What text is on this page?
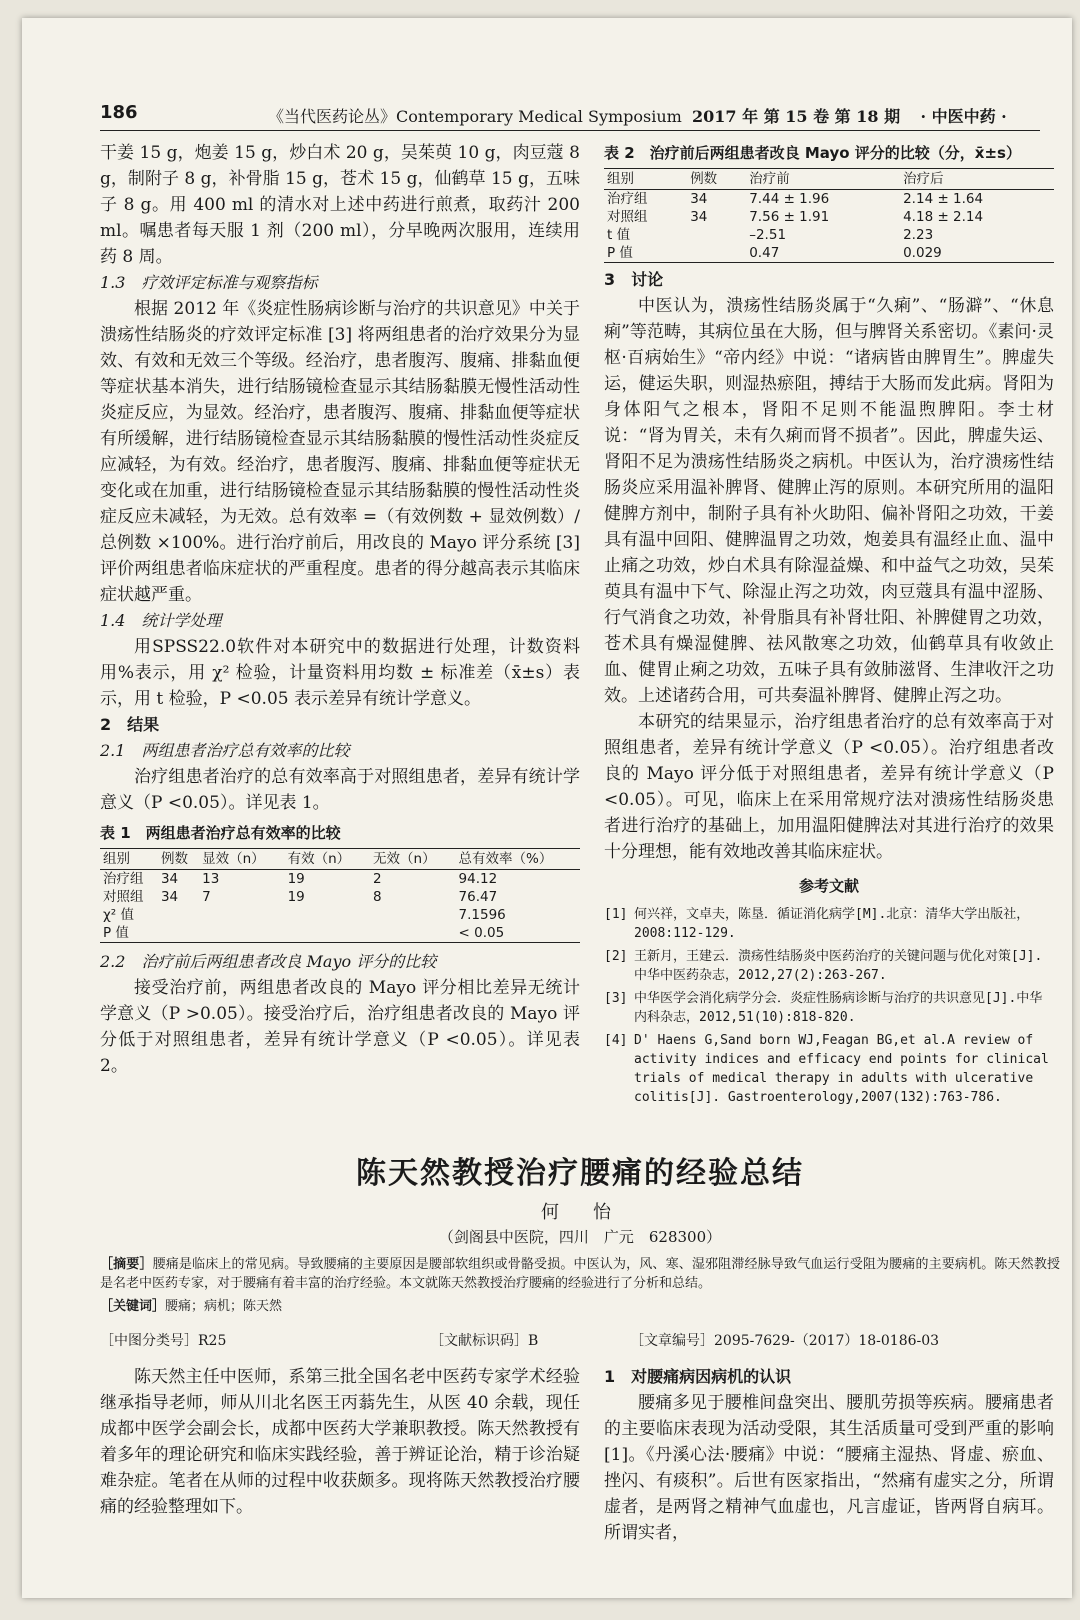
186	《当代医药论丛》Contemporary Medical Symposium 2017 年 第 15 卷 第 18 期 · 中医中药 ·

干姜 15 g，炮姜 15 g，炒白术 20 g，吴茱萸 10 g，肉豆蔻 8 g，制附子 8 g，补骨脂 15 g，苍术 15 g，仙鹤草 15 g，五味子 8 g。用 400 ml 的清水对上述中药进行煎煮，取药汁 200 ml。嘱患者每天服 1 剂（200 ml），分早晚两次服用，连续用药 8 周。

1.3　疗效评定标准与观察指标

根据 2012 年《炎症性肠病诊断与治疗的共识意见》中关于溃疡性结肠炎的疗效评定标准 [3] 将两组患者的治疗效果分为显效、有效和无效三个等级。经治疗，患者腹泻、腹痛、排黏血便等症状基本消失，进行结肠镜检查显示其结肠黏膜无慢性活动性炎症反应，为显效。经治疗，患者腹泻、腹痛、排黏血便等症状有所缓解，进行结肠镜检查显示其结肠黏膜的慢性活动性炎症反应减轻，为有效。经治疗，患者腹泻、腹痛、排黏血便等症状无变化或在加重，进行结肠镜检查显示其结肠黏膜的慢性活动性炎症反应未减轻，为无效。总有效率 =（有效例数 + 显效例数）/ 总例数 ×100%。进行治疗前后，用改良的 Mayo 评分系统 [3] 评价两组患者临床症状的严重程度。患者的得分越高表示其临床症状越严重。

1.4　统计学处理

用SPSS22.0软件对本研究中的数据进行处理，计数资料用%表示，用 χ² 检验，计量资料用均数 ± 标准差（x̄±s）表示，用 t 检验，P <0.05 表示差异有统计学意义。

2　结果

2.1　两组患者治疗总有效率的比较

治疗组患者治疗的总有效率高于对照组患者，差异有统计学意义（P <0.05）。详见表 1。

表 1　两组患者治疗总有效率的比较

组别	例数	显效（n）	有效（n）	无效（n）	总有效率（%）
治疗组	34	13	19	2	94.12
对照组	34	7	19	8	76.47
χ² 值					7.1596
P 值					< 0.05

2.2　治疗前后两组患者改良 Mayo 评分的比较

接受治疗前，两组患者改良的 Mayo 评分相比差异无统计学意义（P >0.05）。接受治疗后，治疗组患者改良的 Mayo 评分低于对照组患者，差异有统计学意义（P <0.05）。详见表 2。

表 2　治疗前后两组患者改良 Mayo 评分的比较（分，x̄±s）

组别	例数	治疗前	治疗后
治疗组	34	7.44 ± 1.96	2.14 ± 1.64
对照组	34	7.56 ± 1.91	4.18 ± 2.14
t 值		–2.51	2.23
P 值		0.47	0.029

3　讨论

中医认为，溃疡性结肠炎属于“久痢”、“肠澼”、“休息痢”等范畴，其病位虽在大肠，但与脾肾关系密切。《素问·灵枢·百病始生》“帝内经》中说：“诸病皆由脾胃生”。脾虚失运，健运失职，则湿热瘀阻，搏结于大肠而发此病。肾阳为身体阳气之根本，肾阳不足则不能温煦脾阳。李士材说：“肾为胃关，未有久痢而肾不损者”。因此，脾虚失运、肾阳不足为溃疡性结肠炎之病机。中医认为，治疗溃疡性结肠炎应采用温补脾肾、健脾止泻的原则。本研究所用的温阳健脾方剂中，制附子具有补火助阳、偏补肾阳之功效，干姜具有温中回阳、健脾温胃之功效，炮姜具有温经止血、温中止痛之功效，炒白术具有除湿益燥、和中益气之功效，吴茱萸具有温中下气、除湿止泻之功效，肉豆蔻具有温中涩肠、行气消食之功效，补骨脂具有补肾壮阳、补脾健胃之功效，苍术具有燥湿健脾、祛风散寒之功效，仙鹤草具有收敛止血、健胃止痢之功效，五味子具有敛肺滋肾、生津收汗之功效。上述诸药合用，可共奏温补脾肾、健脾止泻之功。

本研究的结果显示，治疗组患者治疗的总有效率高于对照组患者，差异有统计学意义（P <0.05）。治疗组患者改良的 Mayo 评分低于对照组患者，差异有统计学意义（P <0.05）。可见，临床上在采用常规疗法对溃疡性结肠炎患者进行治疗的基础上，加用温阳健脾法对其进行治疗的效果十分理想，能有效地改善其临床症状。

参考文献
[1] 何兴祥，文卓夫，陈垦．循证消化病学[M].北京：清华大学出版社，2008:112-129.
[2] 王新月，王建云．溃疡性结肠炎中医药治疗的关键问题与优化对策[J].中华中医药杂志，2012,27(2):263-267.
[3] 中华医学会消化病学分会．炎症性肠病诊断与治疗的共识意见[J].中华内科杂志，2012,51(10):818-820.
[4] D' Haens G,Sand born WJ,Feagan BG,et al.A review of activity indices and efficacy end points for clinical trials of medical therapy in adults with ulcerative colitis[J]. Gastroenterology,2007(132):763-786.
陈天然教授治疗腰痛的经验总结
何　怡
（剑阁县中医院，四川　广元　628300）
［摘要］腰痛是临床上的常见病。导致腰痛的主要原因是腰部软组织或骨骼受损。中医认为，风、寒、湿邪阻滞经脉导致气血运行受阻为腰痛的主要病机。陈天然教授是名老中医药专家，对于腰痛有着丰富的治疗经验。本文就陈天然教授治疗腰痛的经验进行了分析和总结。
［关键词］腰痛；病机；陈天然
［中图分类号］R25	［文献标识码］B	［文章编号］2095-7629-（2017）18-0186-03

陈天然主任中医师，系第三批全国名老中医药专家学术经验继承指导老师，师从川北名医王丙蓊先生，从医 40 余载，现任成都中医学会副会长，成都中医药大学兼职教授。陈天然教授有着多年的理论研究和临床实践经验，善于辨证论治，精于诊治疑难杂症。笔者在从师的过程中收获颇多。现将陈天然教授治疗腰痛的经验整理如下。

1　对腰痛病因病机的认识

腰痛多见于腰椎间盘突出、腰肌劳损等疾病。腰痛患者的主要临床表现为活动受限，其生活质量可受到严重的影响 [1]。《丹溪心法·腰痛》中说：“腰痛主湿热、肾虚、瘀血、挫闪、有痰积”。后世有医家指出，“然痛有虚实之分，所谓虚者，是两肾之精神气血虚也，凡言虚证，皆两肾自病耳。所谓实者，
